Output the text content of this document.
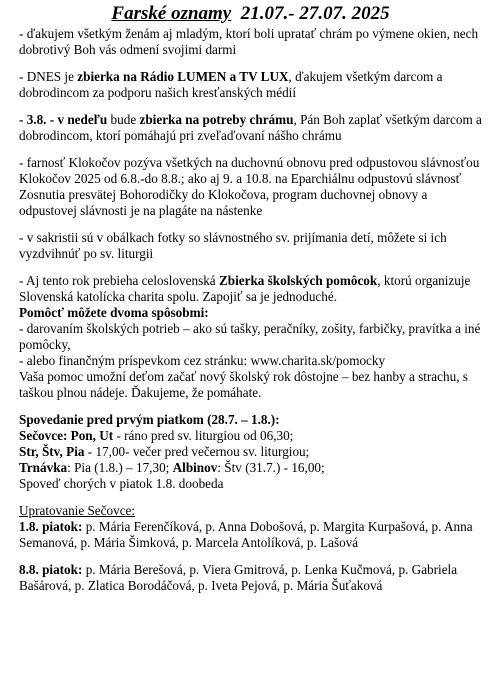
Farské oznamy 21.07.- 27.07. 2025

- ďakujem všetkým ženám aj mladým, ktorí boli upratať chrám po výmene okien, nech dobrotivý Boh vás odmení svojimi darmi

- DNES je zbierka na Rádio LUMEN a TV LUX, ďakujem všetkým darcom a dobrodincom za podporu našich kresťanských médií

- 3.8. - v nedeľu bude zbierka na potreby chrámu, Pán Boh zaplať všetkým darcom a dobrodincom, ktorí pomáhajú pri zveľaďovaní nášho chrámu

- farnosť Klokočov pozýva všetkých na duchovnú obnovu pred odpustovou slávnosťou Klokočov 2025 od 6.8.-do 8.8.; ako aj 9. a 10.8. na Eparchiálnu odpustovú slávnosť Zosnutia presvätej Bohorodičky do Klokočova, program duchovnej obnovy a odpustovej slávnosti je na plagáte na nástenke

- v sakristii sú v obálkach fotky so slávnostného sv. prijímania detí, môžete si ich vyzdvihnúť po sv. liturgii

- Aj tento rok prebieha celoslovenská Zbierka školských pomôcok, ktorú organizuje Slovenská katolícka charita spolu. Zapojiť sa je jednoduché.

Pomôcť môžete dvoma spôsobmi:

- darovaním školských potrieb – ako sú tašky, peračníky, zošity, farbičky, pravítka a iné pomôcky,

- alebo finančným príspevkom cez stránku: www.charita.sk/pomocky

Vaša pomoc umožní deťom začať nový školský rok dôstojne – bez hanby a strachu, s taškou plnou nádeje. Ďakujeme, že pomáhate.

Spovedanie pred prvým piatkom (28.7. – 1.8.):

Sečovce: Pon, Ut - ráno pred sv. liturgiou od 06,30;

Str, Štv, Pia - 17,00- večer pred večernou sv. liturgiou;

Trnávka: Pia (1.8.) – 17,30; Albinov: Štv (31.7.) - 16,00;

Spoveď chorých v piatok 1.8. doobeda

Upratovanie Sečovce:

1.8. piatok: p. Mária Ferenčíková, p. Anna Dobošová, p. Margita Kurpašová, p. Anna Semanová, p. Mária Šimková, p. Marcela Antolíková, p. Lašová

8.8. piatok: p. Mária Berešová, p. Viera Gmitrová, p. Lenka Kučmová, p. Gabriela Bašárová, p. Zlatica Borodáčová, p. Iveta Pejová, p. Mária Šuťaková
